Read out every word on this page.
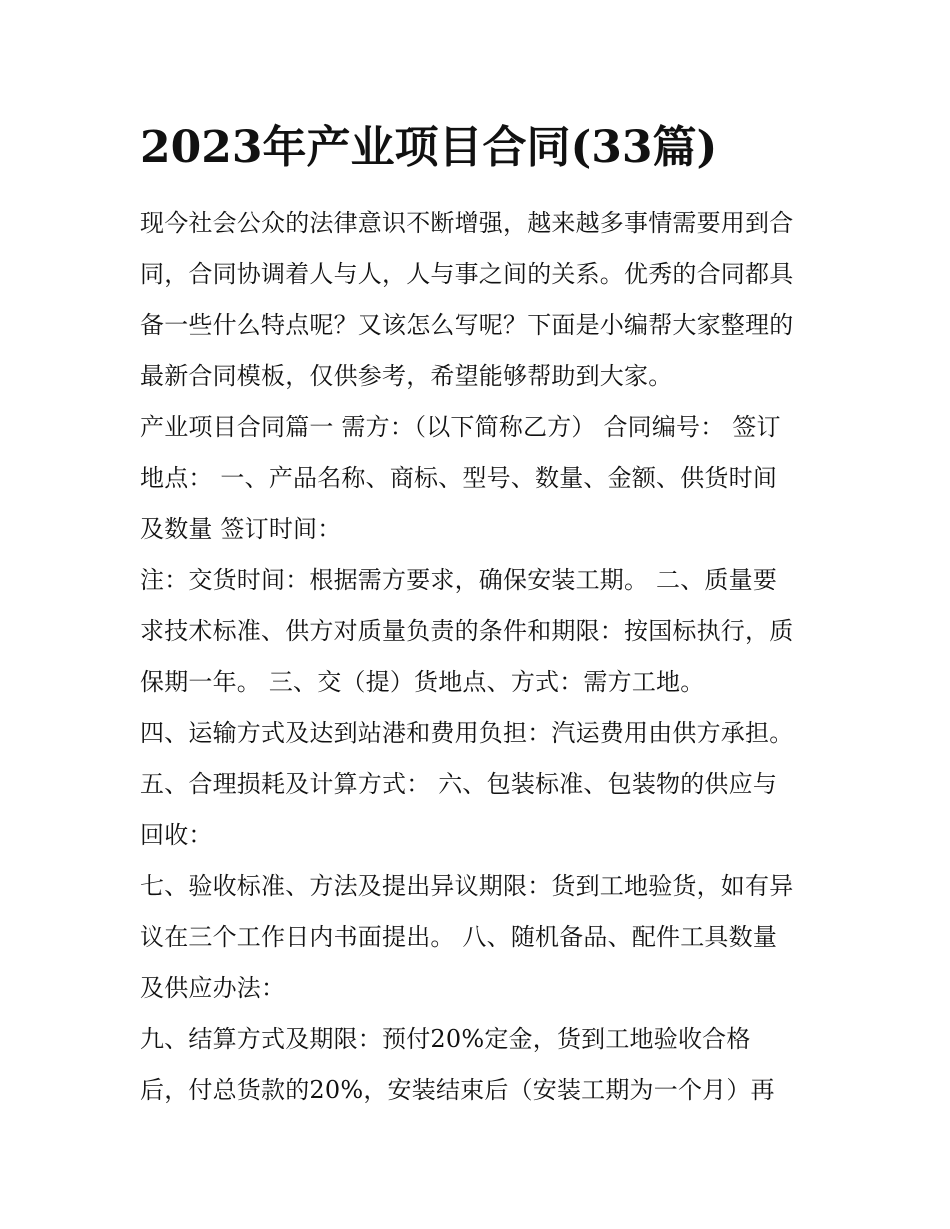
2023年产业项目合同(33篇)

现今社会公众的法律意识不断增强，越来越多事情需要用到合
同，合同协调着人与人，人与事之间的关系。优秀的合同都具
备一些什么特点呢？又该怎么写呢？下面是小编帮大家整理的
最新合同模板，仅供参考，希望能够帮助到大家。

产业项目合同篇一 需方：（以下简称乙方） 合同编号： 签订
地点： 一、产品名称、商标、型号、数量、金额、供货时间
及数量 签订时间：

注：交货时间：根据需方要求，确保安装工期。 二、质量要
求技术标准、供方对质量负责的条件和期限：按国标执行，质
保期一年。 三、交（提）货地点、方式：需方工地。

四、运输方式及达到站港和费用负担：汽运费用由供方承担。

五、合理损耗及计算方式： 六、包装标准、包装物的供应与
回收：

七、验收标准、方法及提出异议期限：货到工地验货，如有异
议在三个工作日内书面提出。 八、随机备品、配件工具数量
及供应办法：

九、结算方式及期限：预付20%定金，货到工地验收合格
后，付总货款的20%，安装结束后（安装工期为一个月）再
